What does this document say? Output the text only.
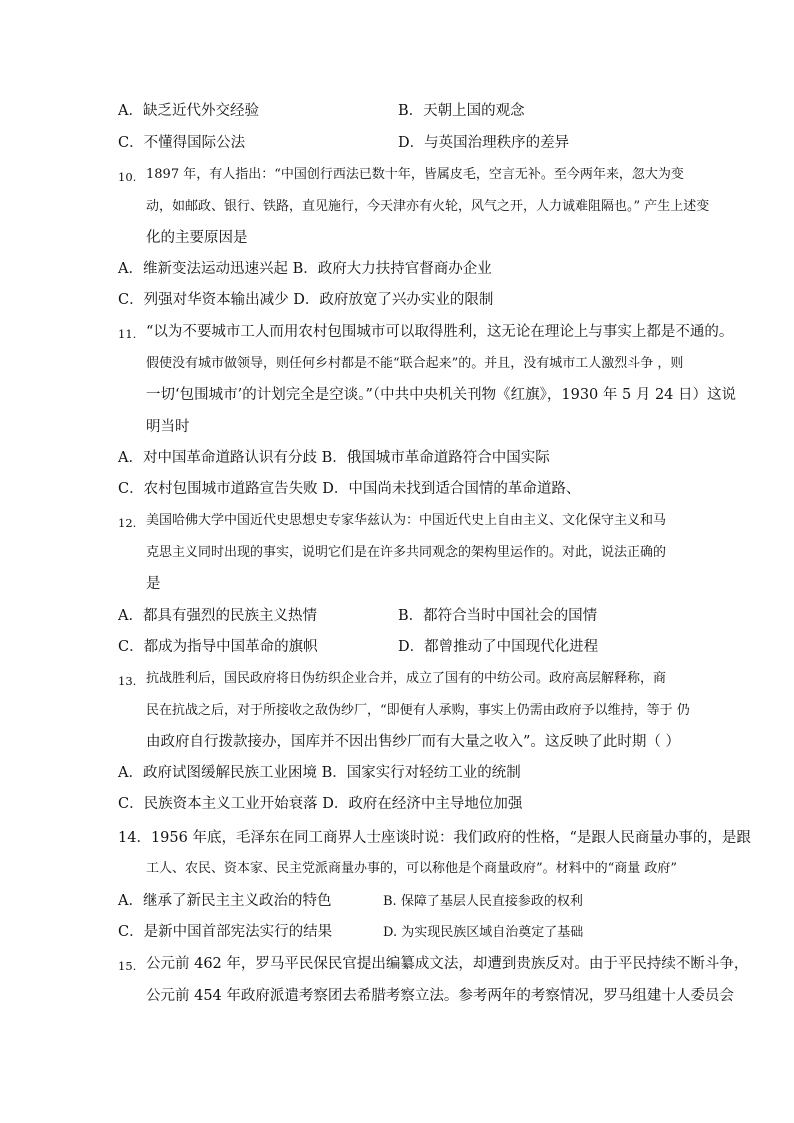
A．缺乏近代外交经验	B．天朝上国的观念
C．不懂得国际公法	D．与英国治理秩序的差异
10. 1897 年，有人指出：“中国创行西法已数十年，皆属皮毛，空言无补。至今两年来，忽大为变
动，如邮政、银行、铁路，直见施行，今天津亦有火轮，风气之开，人力诚难阻隔也。” 产生上述变
化的主要原因是
A．维新变法运动迅速兴起 B．政府大力扶持官督商办企业
C．列强对华资本输出减少 D．政府放宽了兴办实业的限制
11. “以为不要城市工人而用农村包围城市可以取得胜利，这无论在理论上与事实上都是不通的。
假使没有城市做领导，则任何乡村都是不能“联合起来”的。并且，没有城市工人激烈斗争 ，则
一切‘包围城市’的计划完全是空谈。”（中共中央机关刊物《红旗》，1930 年 5 月 24 日）这说
明当时
A．对中国革命道路认识有分歧 B．俄国城市革命道路符合中国实际
C．农村包围城市道路宣告失败 D．中国尚未找到适合国情的革命道路、
12. 美国哈佛大学中国近代史思想史专家华兹认为：中国近代史上自由主义、文化保守主义和马
克思主义同时出现的事实，说明它们是在许多共同观念的架构里运作的。对此，说法正确的
是
A．都具有强烈的民族主义热情	B．都符合当时中国社会的国情
C．都成为指导中国革命的旗帜	D．都曾推动了中国现代化进程
13. 抗战胜利后，国民政府将日伪纺织企业合并，成立了国有的中纺公司。政府高层解释称，商
民在抗战之后，对于所接收之敌伪纱厂，“即便有人承购，事实上仍需由政府予以维持，等于 仍
由政府自行拨款接办，国库并不因出售纱厂而有大量之收入”。这反映了此时期（ ）
A．政府试图缓解民族工业困境 B．国家实行对轻纺工业的统制
C．民族资本主义工业开始衰落 D．政府在经济中主导地位加强
14．1956 年底，毛泽东在同工商界人士座谈时说：我们政府的性格，“是跟人民商量办事的，是跟
工人、农民、资本家、民主党派商量办事的，可以称他是个商量政府”。材料中的“商量 政府”
A．继承了新民主主义政治的特色	B. 保障了基层人民直接参政的权利
C．是新中国首部宪法实行的结果	D. 为实现民族区域自治奠定了基础
15. 公元前 462 年，罗马平民保民官提出编纂成文法，却遭到贵族反对。由于平民持续不断斗争，
公元前 454 年政府派遣考察团去希腊考察立法。参考两年的考察情况，罗马组建十人委员会
